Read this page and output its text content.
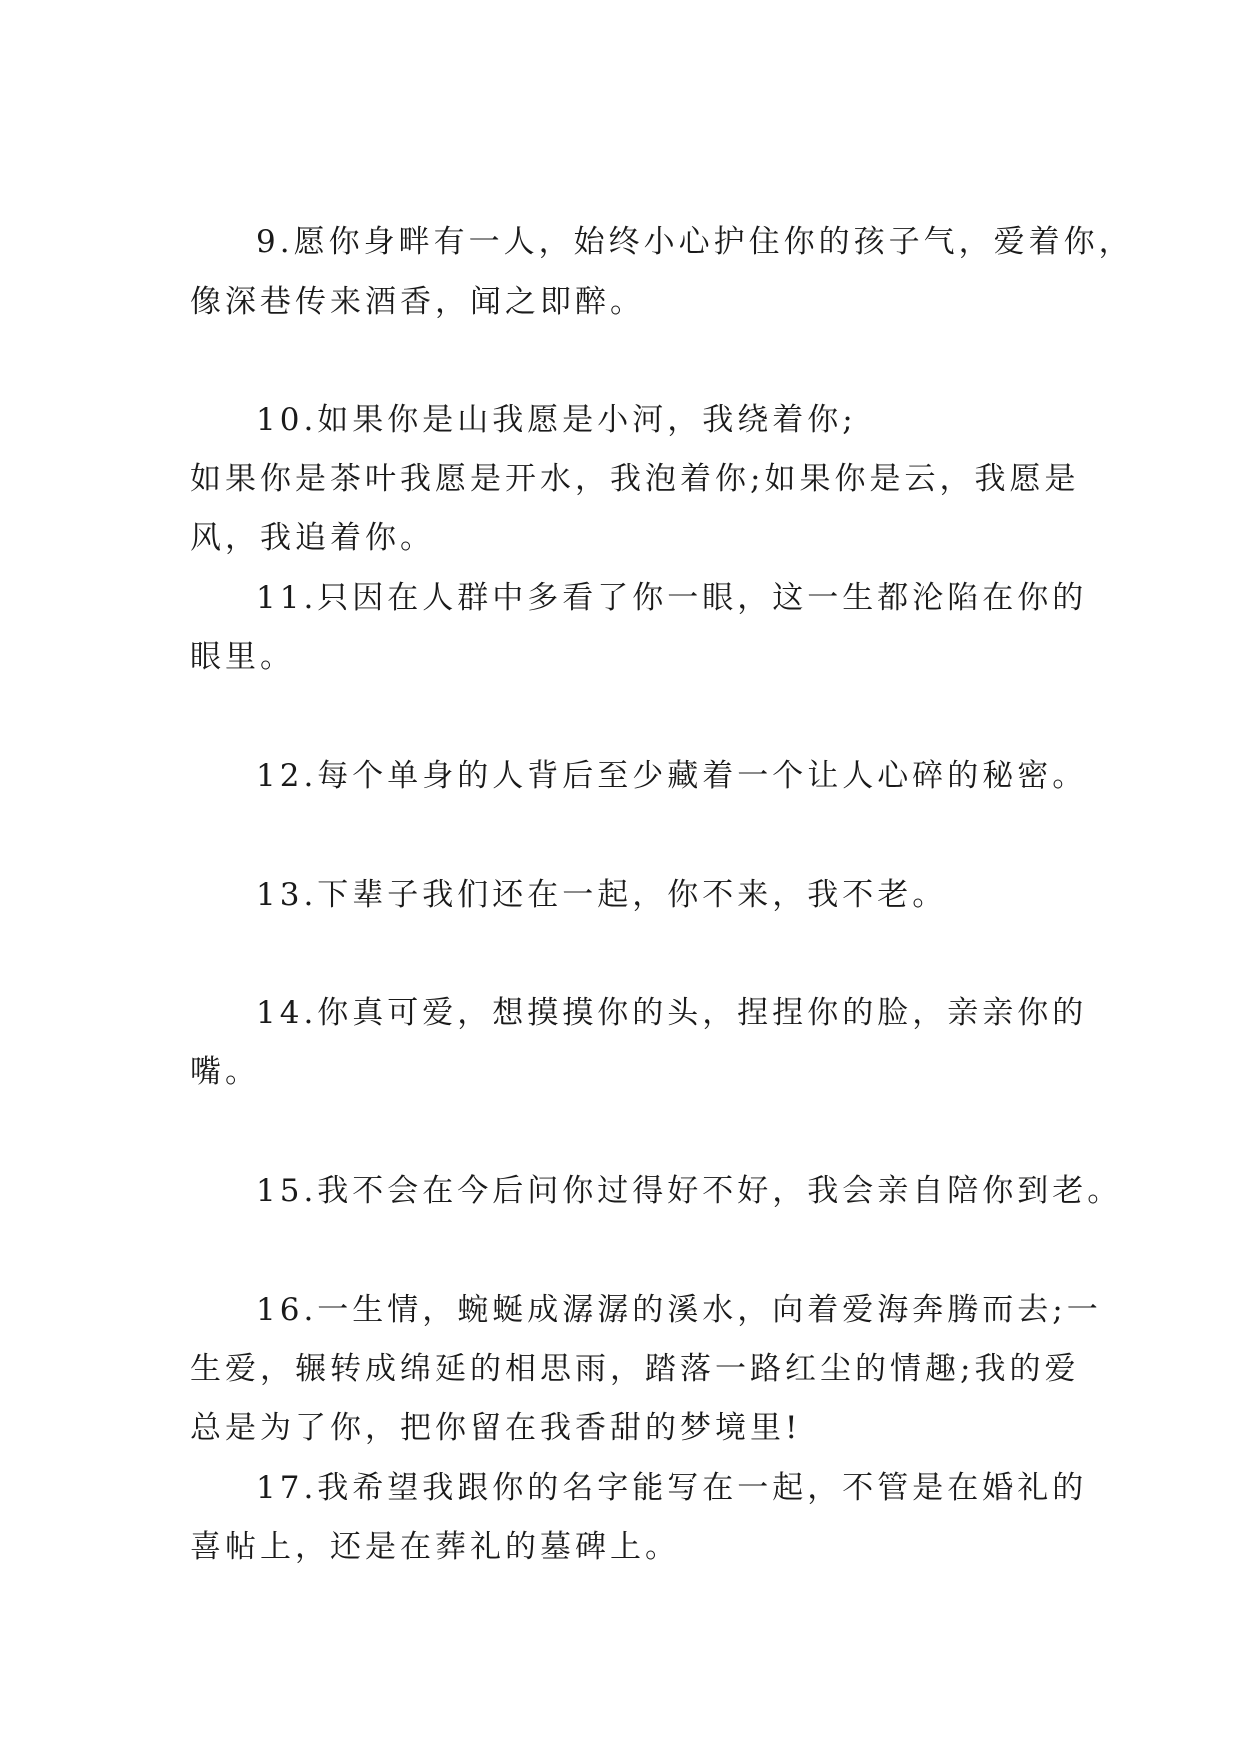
9.愿你身畔有一人，始终小心护住你的孩子气，爱着你，
像深巷传来酒香，闻之即醉。
10.如果你是山我愿是小河，我绕着你;
如果你是茶叶我愿是开水，我泡着你;如果你是云，我愿是
风，我追着你。
11.只因在人群中多看了你一眼，这一生都沦陷在你的
眼里。
12.每个单身的人背后至少藏着一个让人心碎的秘密。
13.下辈子我们还在一起，你不来，我不老。
14.你真可爱，想摸摸你的头，捏捏你的脸，亲亲你的
嘴。
15.我不会在今后问你过得好不好，我会亲自陪你到老。
16.一生情，蜿蜒成潺潺的溪水，向着爱海奔腾而去;一
生爱，辗转成绵延的相思雨，踏落一路红尘的情趣;我的爱
总是为了你，把你留在我香甜的梦境里!
17.我希望我跟你的名字能写在一起，不管是在婚礼的
喜帖上，还是在葬礼的墓碑上。
